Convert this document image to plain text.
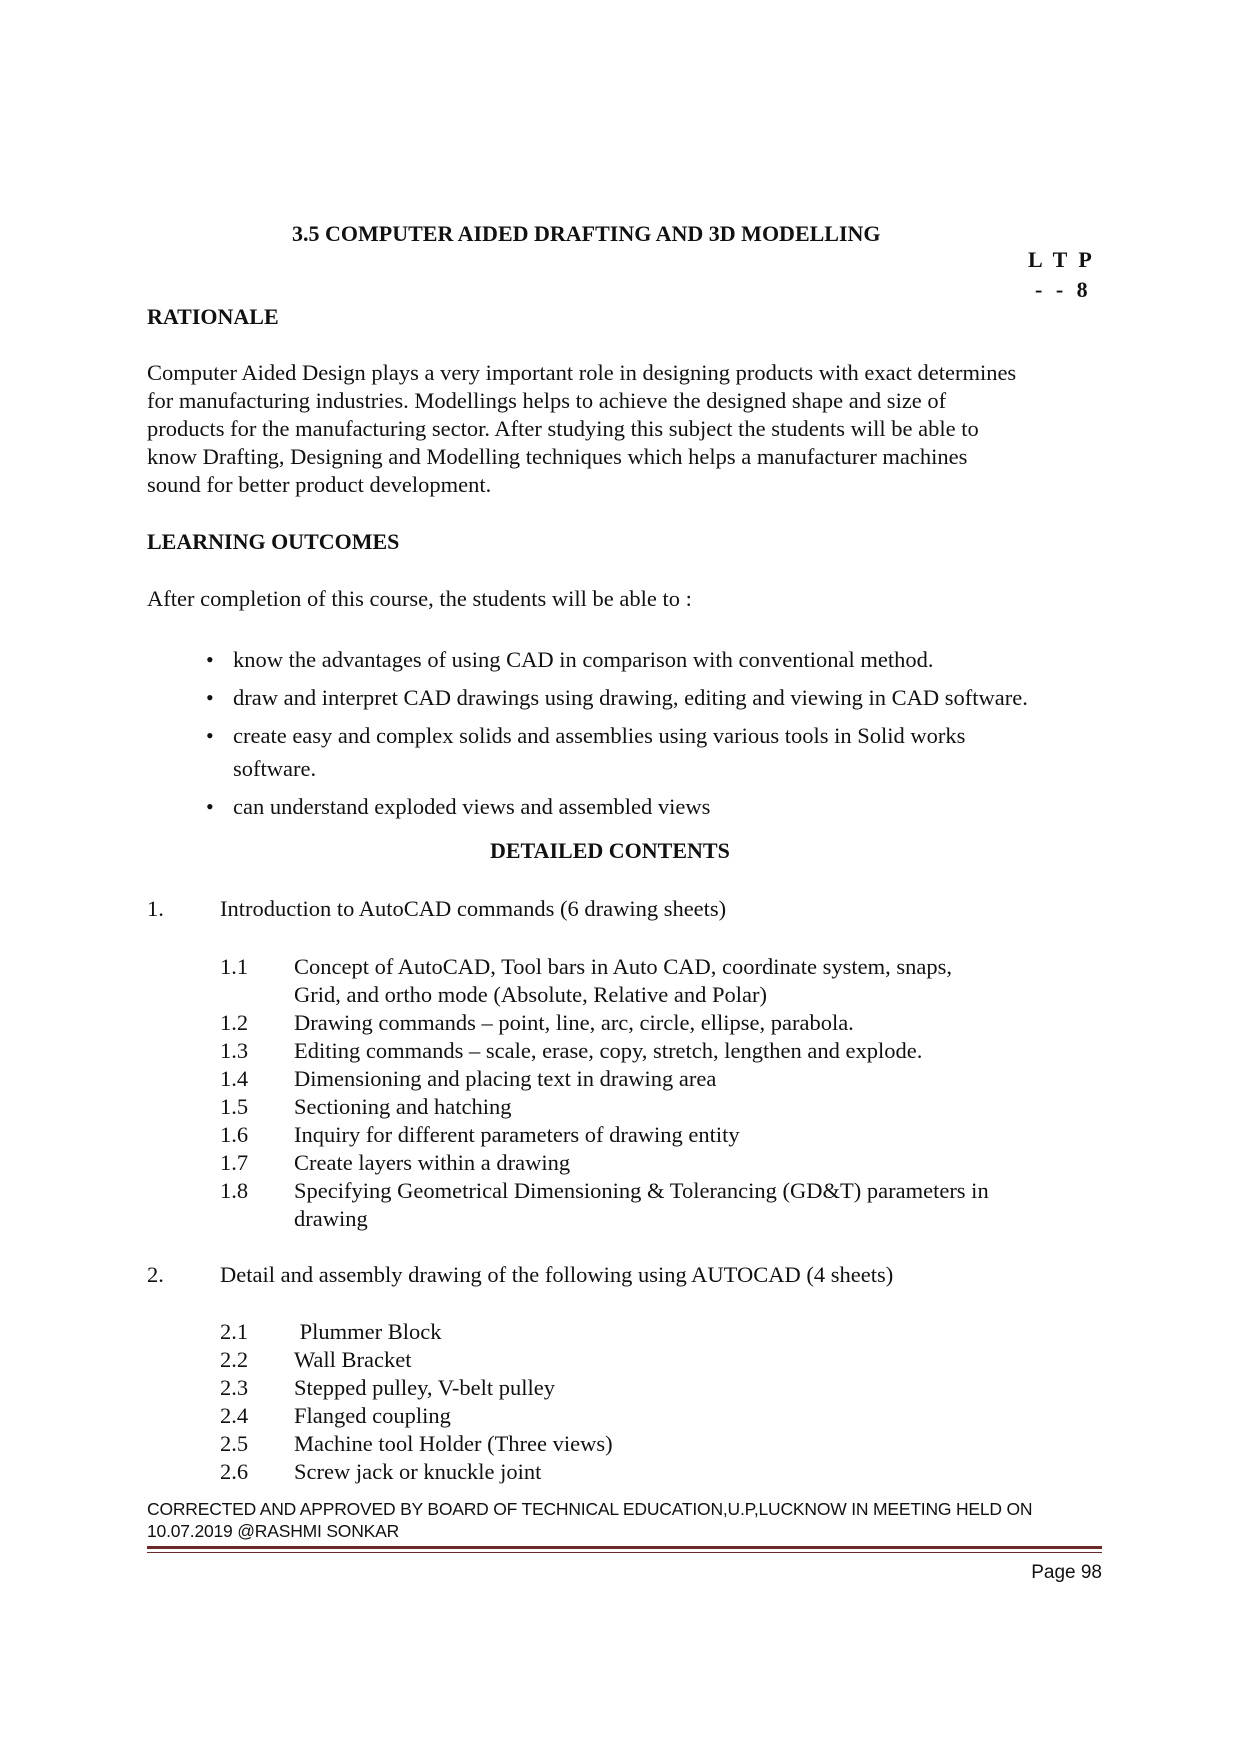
3.5 COMPUTER AIDED DRAFTING AND 3D MODELLING
L T P
- - 8
RATIONALE

Computer Aided Design plays a very important role in designing products with exact determines

for manufacturing industries. Modellings helps to achieve the designed shape and size of

products for the manufacturing sector. After studying this subject the students will be able to

know Drafting, Designing and Modelling techniques which helps a manufacturer machines

sound for better product development.

LEARNING OUTCOMES
After completion of this course, the students will be able to :
• know the advantages of using CAD in comparison with conventional method.
• draw and interpret CAD drawings using drawing, editing and viewing in CAD software.
• create easy and complex solids and assemblies using various tools in Solid works software.
• can understand exploded views and assembled views
DETAILED CONTENTS
1. Introduction to AutoCAD commands (6 drawing sheets)
1.1 Concept of AutoCAD, Tool bars in Auto CAD, coordinate system, snaps,
Grid, and ortho mode (Absolute, Relative and Polar)
1.2 Drawing commands – point, line, arc, circle, ellipse, parabola.
1.3 Editing commands – scale, erase, copy, stretch, lengthen and explode.
1.4 Dimensioning and placing text in drawing area
1.5 Sectioning and hatching
1.6 Inquiry for different parameters of drawing entity
1.7 Create layers within a drawing
1.8 Specifying Geometrical Dimensioning & Tolerancing (GD&T) parameters in
drawing
2. Detail and assembly drawing of the following using AUTOCAD (4 sheets)
2.1 Plummer Block
2.2 Wall Bracket
2.3 Stepped pulley, V-belt pulley
2.4 Flanged coupling
2.5 Machine tool Holder (Three views)
2.6 Screw jack or knuckle joint
CORRECTED AND APPROVED BY BOARD OF TECHNICAL EDUCATION,U.P,LUCKNOW IN MEETING HELD ON
10.07.2019 @RASHMI SONKAR
Page 98
